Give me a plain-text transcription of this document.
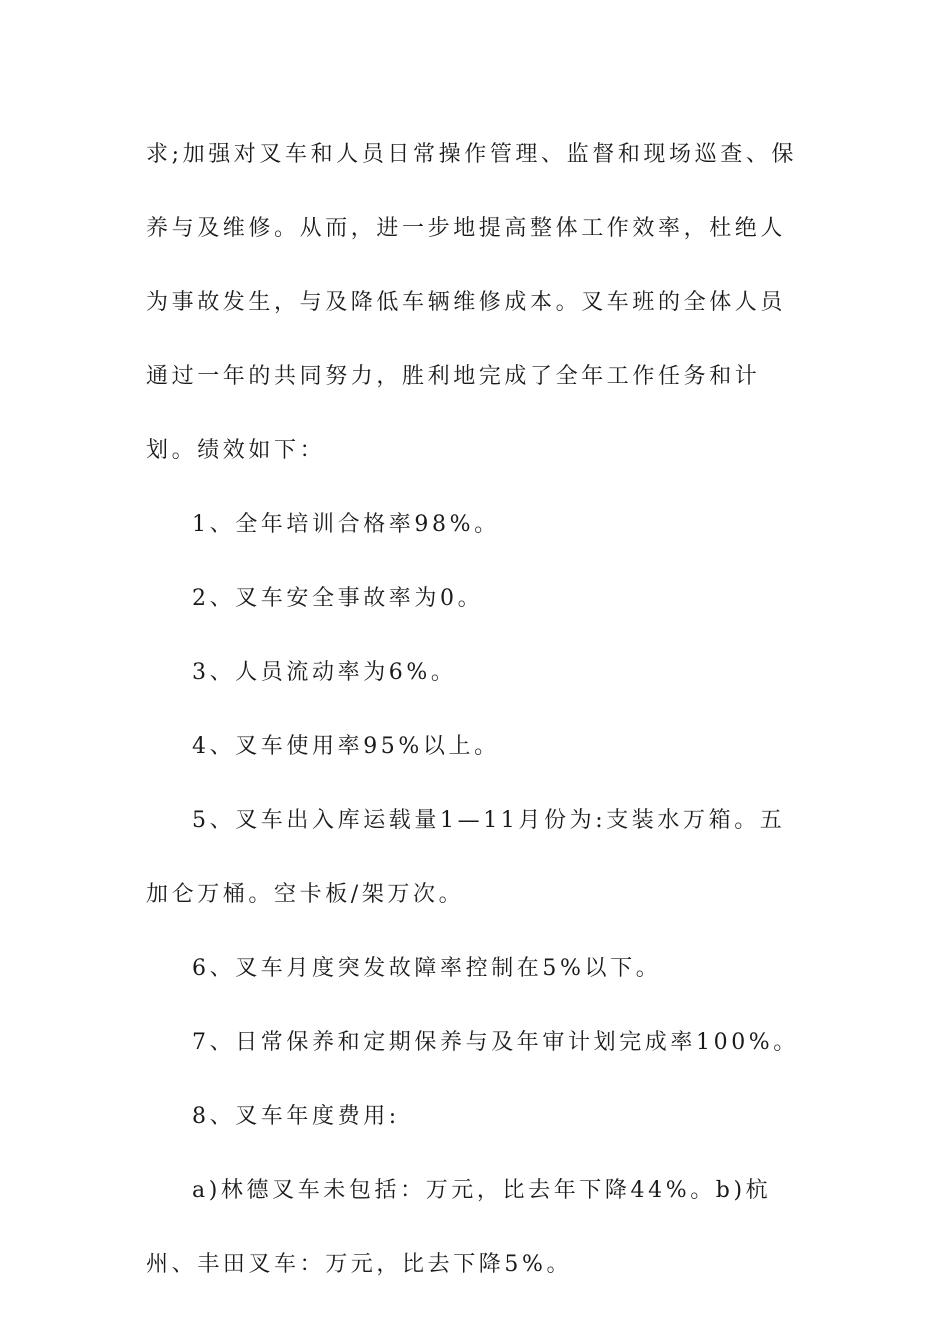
求;加强对叉车和人员日常操作管理、监督和现场巡查、保养与及维修。从而，进一步地提高整体工作效率，杜绝人为事故发生，与及降低车辆维修成本。叉车班的全体人员通过一年的共同努力，胜利地完成了全年工作任务和计划。绩效如下：

1、全年培训合格率98%。

2、叉车安全事故率为0。

3、人员流动率为6%。

4、叉车使用率95%以上。

5、叉车出入库运载量1—11月份为:支装水万箱。五加仑万桶。空卡板/架万次。

6、叉车月度突发故障率控制在5%以下。

7、日常保养和定期保养与及年审计划完成率100%。

8、叉车年度费用:

a)林德叉车未包括：万元，比去年下降44%。b)杭州、丰田叉车：万元，比去下降5%。
